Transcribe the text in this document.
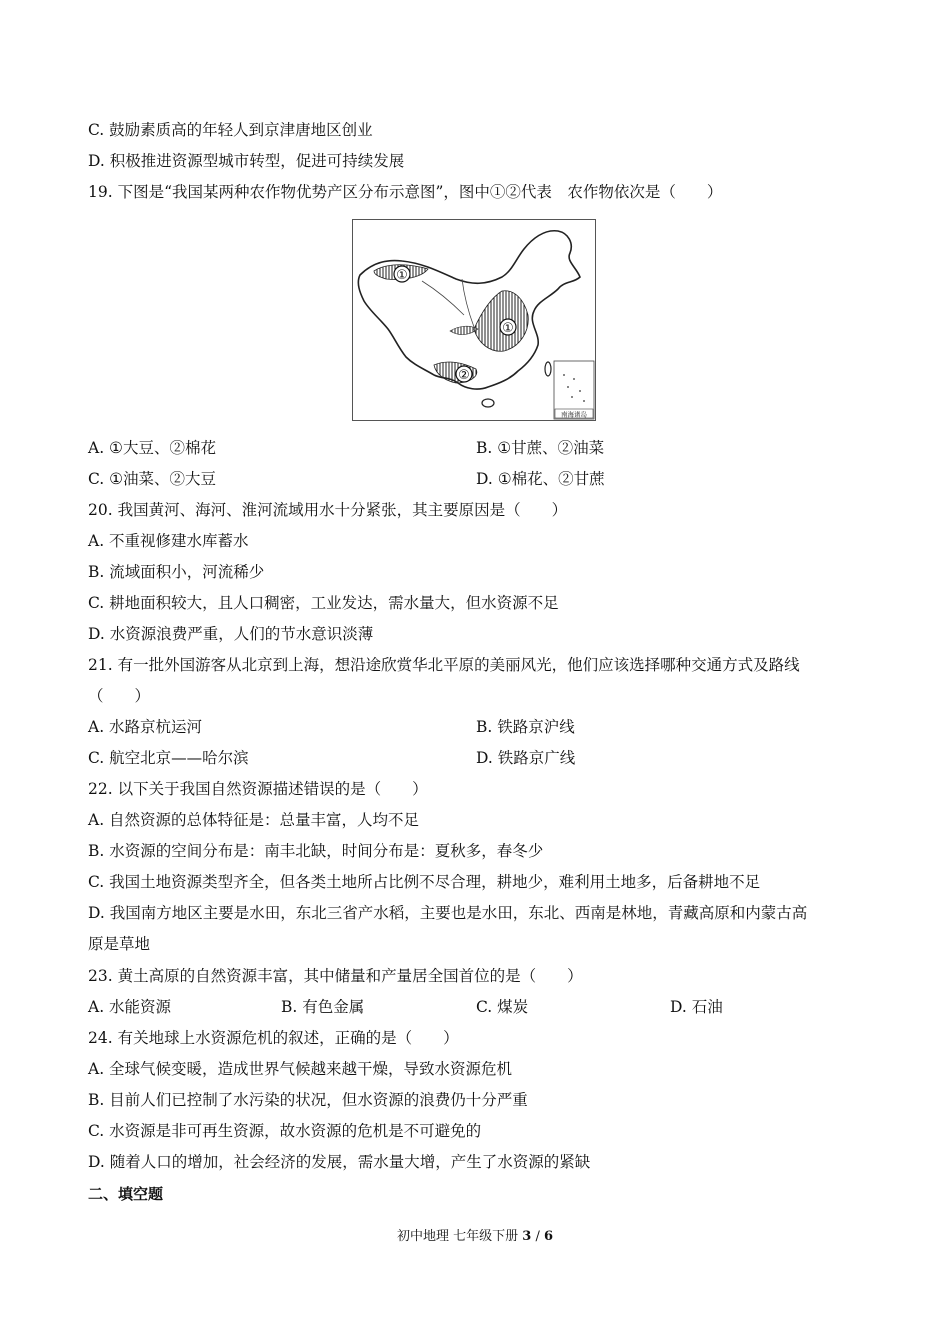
C. 鼓励素质高的年轻人到京津唐地区创业
D. 积极推进资源型城市转型，促进可持续发展
19. 下图是“我国某两种农作物优势产区分布示意图”，图中①②代表　农作物依次是（　　）
①
①
②
南海诸岛
A. ①大豆、②棉花	B. ①甘蔗、②油菜
C. ①油菜、②大豆	D. ①棉花、②甘蔗
20. 我国黄河、海河、淮河流域用水十分紧张，其主要原因是（　　）
A. 不重视修建水库蓄水
B. 流域面积小，河流稀少
C. 耕地面积较大，且人口稠密，工业发达，需水量大，但水资源不足
D. 水资源浪费严重，人们的节水意识淡薄
21. 有一批外国游客从北京到上海，想沿途欣赏华北平原的美丽风光，他们应该选择哪种交通方式及路线
（　　）
A. 水路京杭运河	B. 铁路京沪线
C. 航空北京——哈尔滨	D. 铁路京广线
22. 以下关于我国自然资源描述错误的是（　　）
A. 自然资源的总体特征是：总量丰富，人均不足
B. 水资源的空间分布是：南丰北缺，时间分布是：夏秋多，春冬少
C. 我国土地资源类型齐全，但各类土地所占比例不尽合理，耕地少，难利用土地多，后备耕地不足
D. 我国南方地区主要是水田，东北三省产水稻，主要也是水田，东北、西南是林地，青藏高原和内蒙古高
原是草地
23. 黄土高原的自然资源丰富，其中储量和产量居全国首位的是（　　）
A. 水能资源	B. 有色金属	C. 煤炭	D. 石油
24. 有关地球上水资源危机的叙述，正确的是（　　）
A. 全球气候变暖，造成世界气候越来越干燥，导致水资源危机
B. 目前人们已控制了水污染的状况，但水资源的浪费仍十分严重
C. 水资源是非可再生资源，故水资源的危机是不可避免的
D. 随着人口的增加，社会经济的发展，需水量大增，产生了水资源的紧缺
二、填空题
初中地理 七年级下册 3 / 6
